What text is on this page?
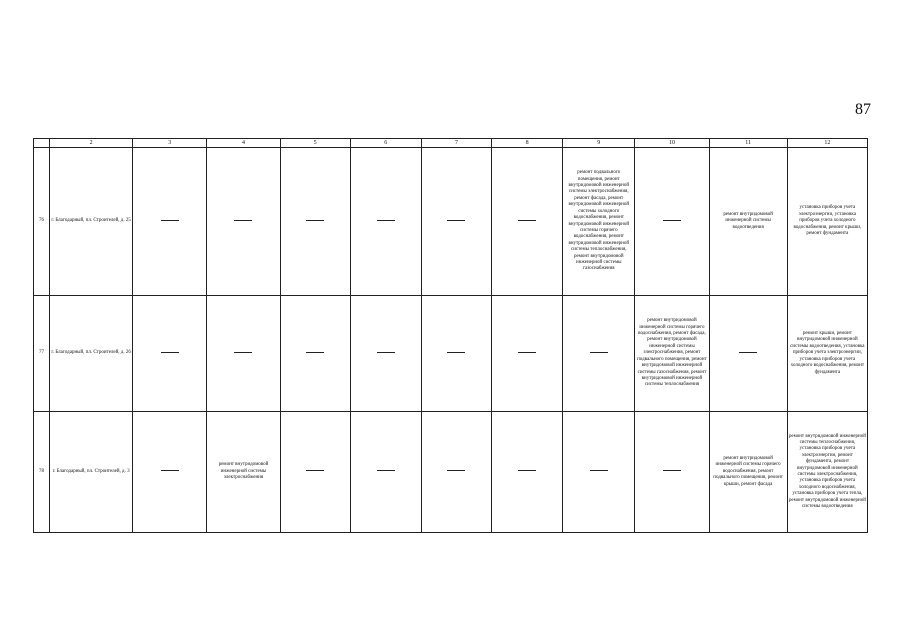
87
	2	3	4	5	6	7	8	9	10	11	12
76	г. Благодарный, пл. Строителей, д. 25							ремонт подвального помещения, ремонт внутридомовой инженерной системы электроснабжения, ремонт фасада, ремонт внутридомовой инженерной системы холодного водоснабжения, ремонт внутридомовой инженерной системы горячего водоснабжения, ремонт внутридомовой инженерной системы теплоснабжения, ремонт внутридомовой инженерной системы газоснабжения		ремонт внутридомовой инженерной системы водоотведения	установка приборов учета электроэнергии, установка приборов учета холодного водоснабжения, ремонт крыши, ремонт фундамента
77	г. Благодарный, пл. Строителей, д. 26								ремонт внутридомовой инженерной системы горячего водоснабжения, ремонт фасада, ремонт внутридомовой инженерной системы электроснабжения, ремонт подвального помещения, ремонт внутридомовой инженерной системы газоснабжения, ремонт внутридомовой инженерной системы теплоснабжения		ремонт крыши, ремонт внутридомовой инженерной системы водоотведения, установка приборов учета электроэнергии, установка приборов учета холодного водоснабжения, ремонт фундамента
78	г. Благодарный, пл. Строителей, д. 3		ремонт внутридомовой инженерной системы электроснабжения							ремонт внутридомовой инженерной системы горячего водоснабжения, ремонт подвального помещения, ремонт крыши, ремонт фасада	ремонт внутридомовой инженерной системы теплоснабжения, установка приборов учета электроэнергии, ремонт фундамента, ремонт внутридомовой инженерной системы электроснабжения, установка приборов учета холодного водоснабжения, установка приборов учета тепла, ремонт внутридомовой инженерной системы водоотведения
